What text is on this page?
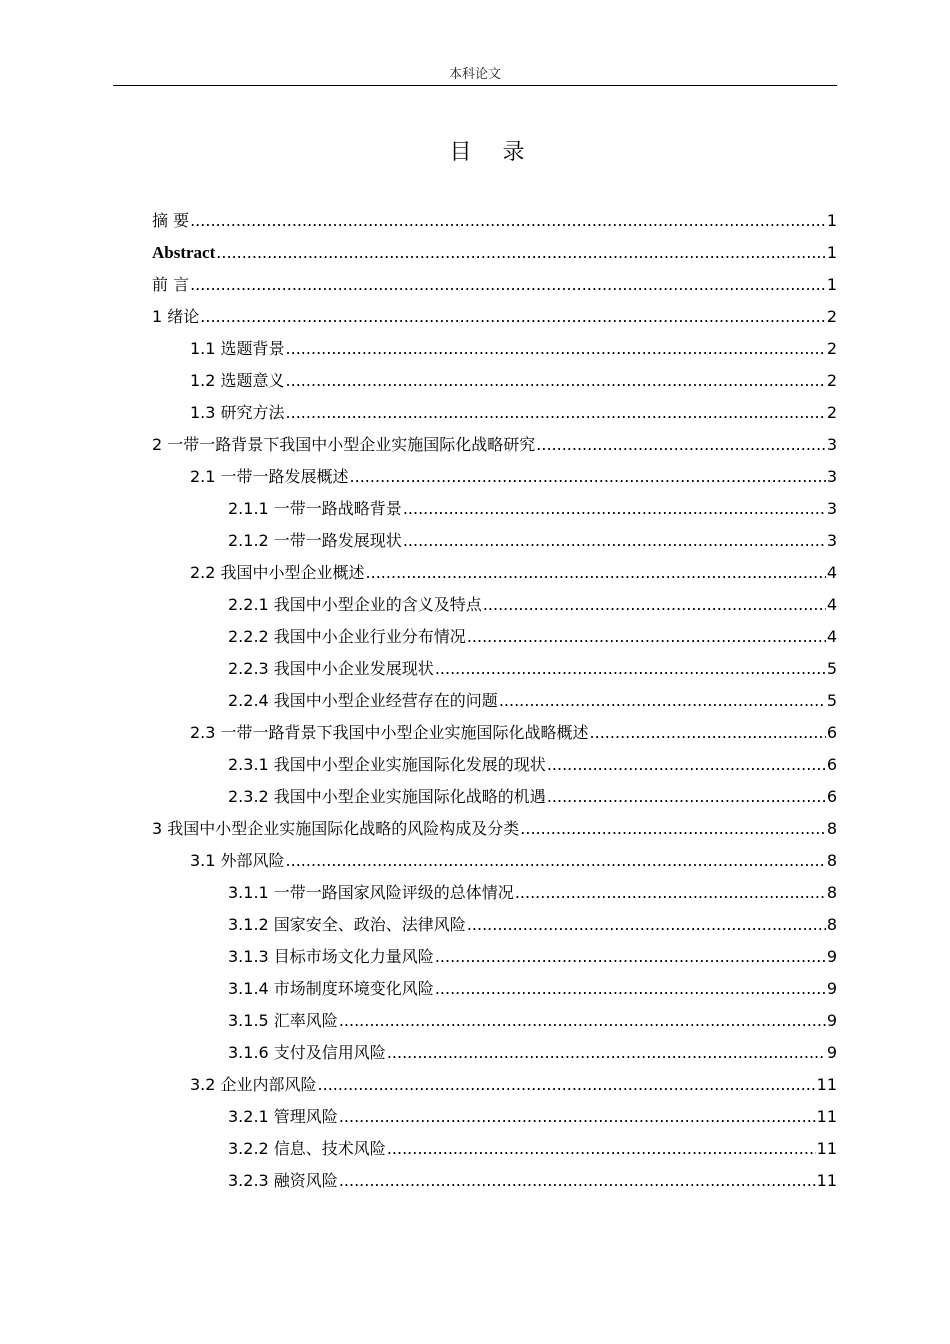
本科论文
目 录
摘 要 .....	1
Abstract .....	1
前 言 .....	1
1 绪论 .....	2
1.1 选题背景 .....	2
1.2 选题意义 .....	2
1.3 研究方法 .....	2
2 一带一路背景下我国中小型企业实施国际化战略研究 .....	3
2.1 一带一路发展概述 .....	3
2.1.1 一带一路战略背景 .....	3
2.1.2 一带一路发展现状 .....	3
2.2 我国中小型企业概述 .....	4
2.2.1 我国中小型企业的含义及特点 .....	4
2.2.2 我国中小企业行业分布情况 .....	4
2.2.3 我国中小企业发展现状 .....	5
2.2.4 我国中小型企业经营存在的问题 .....	5
2.3 一带一路背景下我国中小型企业实施国际化战略概述 .....	6
2.3.1 我国中小型企业实施国际化发展的现状 .....	6
2.3.2 我国中小型企业实施国际化战略的机遇 .....	6
3 我国中小型企业实施国际化战略的风险构成及分类 .....	8
3.1 外部风险 .....	8
3.1.1 一带一路国家风险评级的总体情况 .....	8
3.1.2 国家安全、政治、法律风险 .....	8
3.1.3 目标市场文化力量风险 .....	9
3.1.4 市场制度环境变化风险 .....	9
3.1.5 汇率风险 .....	9
3.1.6 支付及信用风险 .....	9
3.2 企业内部风险 .....	11
3.2.1 管理风险 .....	11
3.2.2 信息、技术风险 .....	11
3.2.3 融资风险 .....	11
